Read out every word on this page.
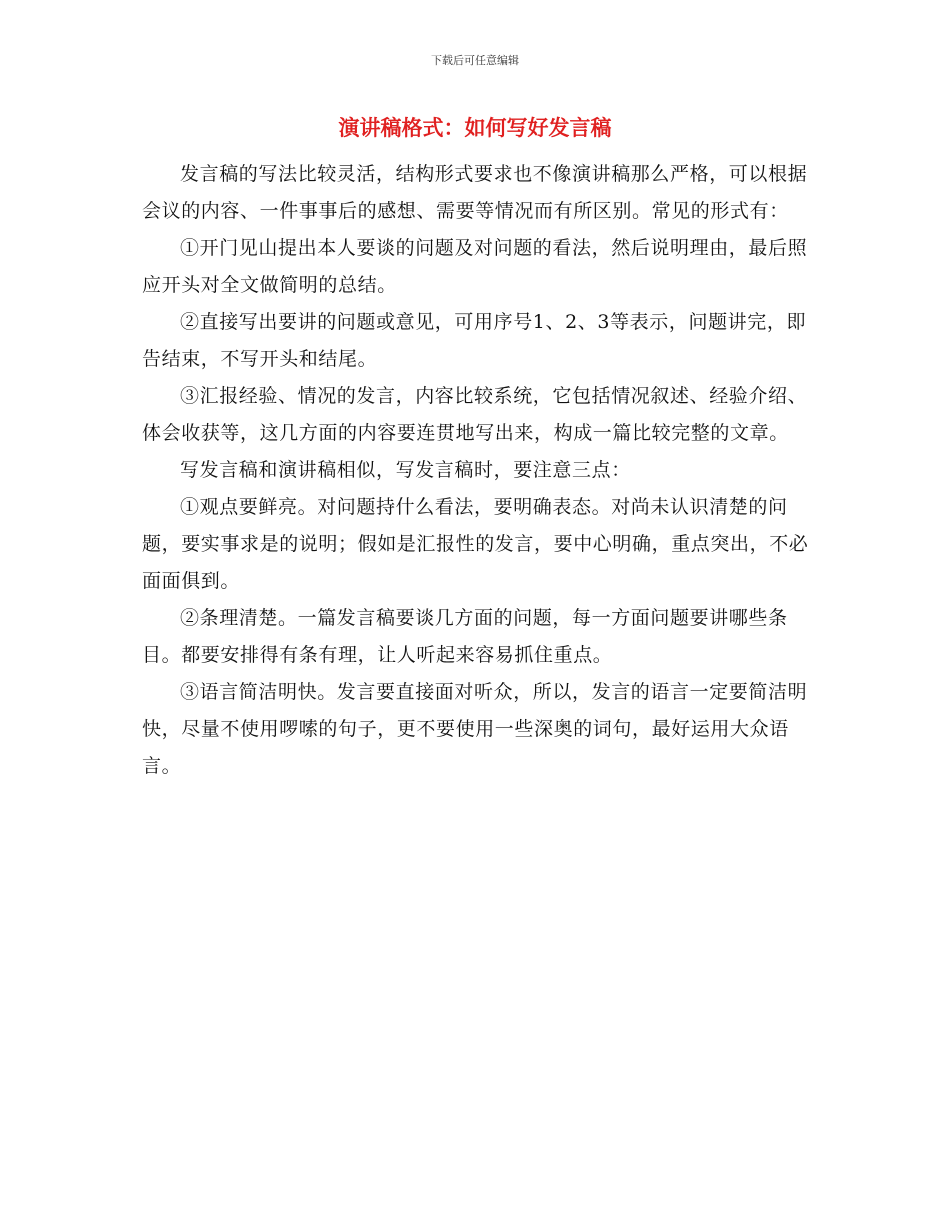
下载后可任意编辑
演讲稿格式：如何写好发言稿

发言稿的写法比较灵活，结构形式要求也不像演讲稿那么严格，可以根据会议的内容、一件事事后的感想、需要等情况而有所区别。常见的形式有：

①开门见山提出本人要谈的问题及对问题的看法，然后说明理由，最后照应开头对全文做简明的总结。

②直接写出要讲的问题或意见，可用序号1、2、3等表示，问题讲完，即告结束，不写开头和结尾。

③汇报经验、情况的发言，内容比较系统，它包括情况叙述、经验介绍、体会收获等，这几方面的内容要连贯地写出来，构成一篇比较完整的文章。

写发言稿和演讲稿相似，写发言稿时，要注意三点：

①观点要鲜亮。对问题持什么看法，要明确表态。对尚未认识清楚的问题，要实事求是的说明；假如是汇报性的发言，要中心明确，重点突出，不必面面俱到。

②条理清楚。一篇发言稿要谈几方面的问题，每一方面问题要讲哪些条目。都要安排得有条有理，让人听起来容易抓住重点。

③语言简洁明快。发言要直接面对听众，所以，发言的语言一定要简洁明快，尽量不使用啰嗦的句子，更不要使用一些深奥的词句，最好运用大众语言。
